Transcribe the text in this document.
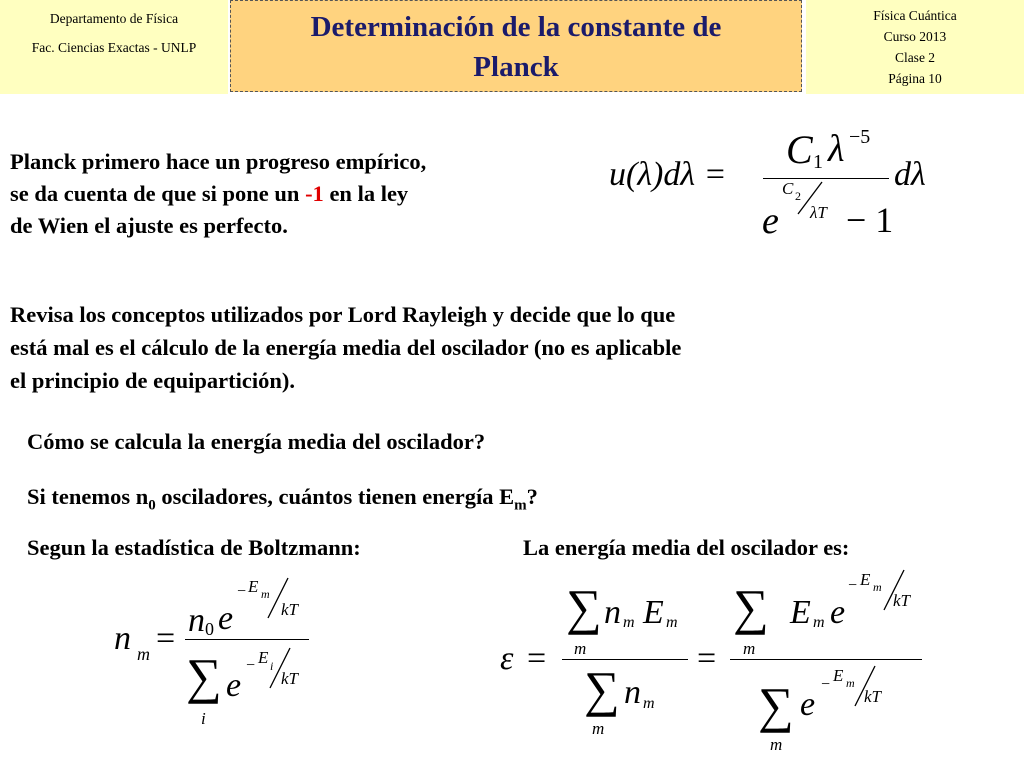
Departamento de Física
Fac. Ciencias Exactas - UNLP
Determinación de la constante de
Planck
Física Cuántica
Curso 2013
Clase 2
Página 10
Planck primero hace un progreso empírico,
se da cuenta de que si pone un -1 en la ley
de Wien el ajuste es perfecto.
u(λ)dλ =
C 1 λ −5
dλ
e
C 2
λT − 1
Revisa los conceptos utilizados por Lord Rayleigh y decide que lo que
está mal es el cálculo de la energía media del oscilador (no es aplicable
el principio de equipartición).
Cómo se calcula la energía media del oscilador?
Si tenemos $n_0$ osciladores, cuántos tienen energía $E_m$?
Segun la estadística de Boltzmann:	La energía media del oscilador es:
n m = n 0 e
− E m
kT
∑
i
e
− E i
kT
ε =
∑
m
n m E m
∑
m
n m
=
∑
m
E m e
− E m
kT
∑
m
e
− E m
kT
